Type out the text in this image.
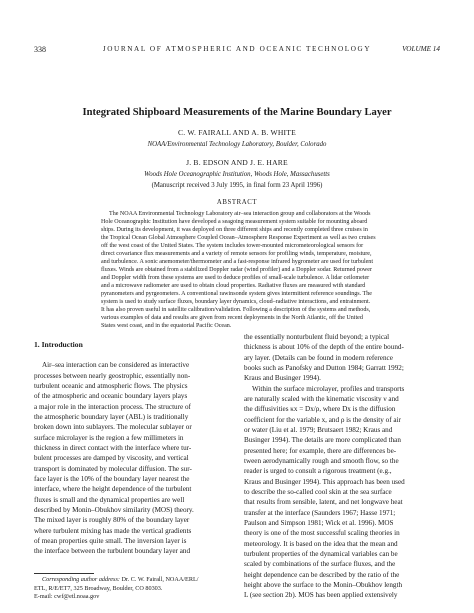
338	JOURNAL OF ATMOSPHERIC AND OCEANIC TECHNOLOGY	VOLUME 14
Integrated Shipboard Measurements of the Marine Boundary Layer
C. W. FAIRALL AND A. B. WHITE
NOAA/Environmental Technology Laboratory, Boulder, Colorado
J. B. EDSON AND J. E. HARE
Woods Hole Oceanographic Institution, Woods Hole, Massachusetts
(Manuscript received 3 July 1995, in final form 23 April 1996)
ABSTRACT
The NOAA Environmental Technology Laboratory air–sea interaction group and collaborators at the Woods
Hole Oceanographic Institution have developed a seagoing measurement system suitable for mounting aboard
ships. During its development, it was deployed on three different ships and recently completed three cruises in
the Tropical Ocean Global Atmosphere Coupled Ocean–Atmosphere Response Experiment as well as two cruises
off the west coast of the United States. The system includes tower-mounted micrometeorological sensors for
direct covariance flux measurements and a variety of remote sensors for profiling winds, temperature, moisture,
and turbulence. A sonic anemometer/thermometer and a fast-response infrared hygrometer are used for turbulent
fluxes. Winds are obtained from a stabilized Doppler radar (wind profiler) and a Doppler sodar. Returned power
and Doppler width from these systems are used to deduce profiles of small-scale turbulence. A lidar ceilometer
and a microwave radiometer are used to obtain cloud properties. Radiative fluxes are measured with standard
pyranometers and pyrgeometers. A conventional rawinsonde system gives intermittent reference soundings. The
system is used to study surface fluxes, boundary layer dynamics, cloud–radiative interactions, and entrainment.
It has also proven useful in satellite calibration/validation. Following a description of the systems and methods,
various examples of data and results are given from recent deployments in the North Atlantic, off the United
States west coast, and in the equatorial Pacific Ocean.
1. Introduction
Air–sea interaction can be considered as interactive
processes between nearly geostrophic, essentially non-
turbulent oceanic and atmospheric flows. The physics
of the atmospheric and oceanic boundary layers plays
a major role in the interaction process. The structure of
the atmospheric boundary layer (ABL) is traditionally
broken down into sublayers. The molecular sublayer or
surface microlayer is the region a few millimeters in
thickness in direct contact with the interface where tur-
bulent processes are damped by viscosity, and vertical
transport is dominated by molecular diffusion. The sur-
face layer is the 10% of the boundary layer nearest the
interface, where the height dependence of the turbulent
fluxes is small and the dynamical properties are well
described by Monin–Obukhov similarity (MOS) theory.
The mixed layer is roughly 80% of the boundary layer
where turbulent mixing has made the vertical gradients
of mean properties quite small. The inversion layer is
the interface between the turbulent boundary layer and
the essentially nonturbulent fluid beyond; a typical
thickness is about 10% of the depth of the entire bound-
ary layer. (Details can be found in modern reference
books such as Panofsky and Dutton 1984; Garratt 1992;
Kraus and Businger 1994).
Within the surface microlayer, profiles and transports
are naturally scaled with the kinematic viscosity ν and
the diffusivities κx = Dx/ρ, where Dx is the diffusion
coefficient for the variable x, and ρ is the density of air
or water (Liu et al. 1979; Brutsaert 1982; Kraus and
Businger 1994). The details are more complicated than
presented here; for example, there are differences be-
tween aerodynamically rough and smooth flow, so the
reader is urged to consult a rigorous treatment (e.g.,
Kraus and Businger 1994). This approach has been used
to describe the so-called cool skin at the sea surface
that results from sensible, latent, and net longwave heat
transfer at the interface (Saunders 1967; Hasse 1971;
Paulson and Simpson 1981; Wick et al. 1996). MOS
theory is one of the most successful scaling theories in
meteorology. It is based on the idea that the mean and
turbulent properties of the dynamical variables can be
scaled by combinations of the surface fluxes, and the
height dependence can be described by the ratio of the
height above the surface to the Monin–Obukhov length
L (see section 2b). MOS has been applied extensively
Corresponding author address: Dr. C. W. Fairall, NOAA/ERL/
ETL, R/E/ET7, 325 Broadway, Boulder, CO 80303.
E-mail: cwf@etl.noaa.gov
